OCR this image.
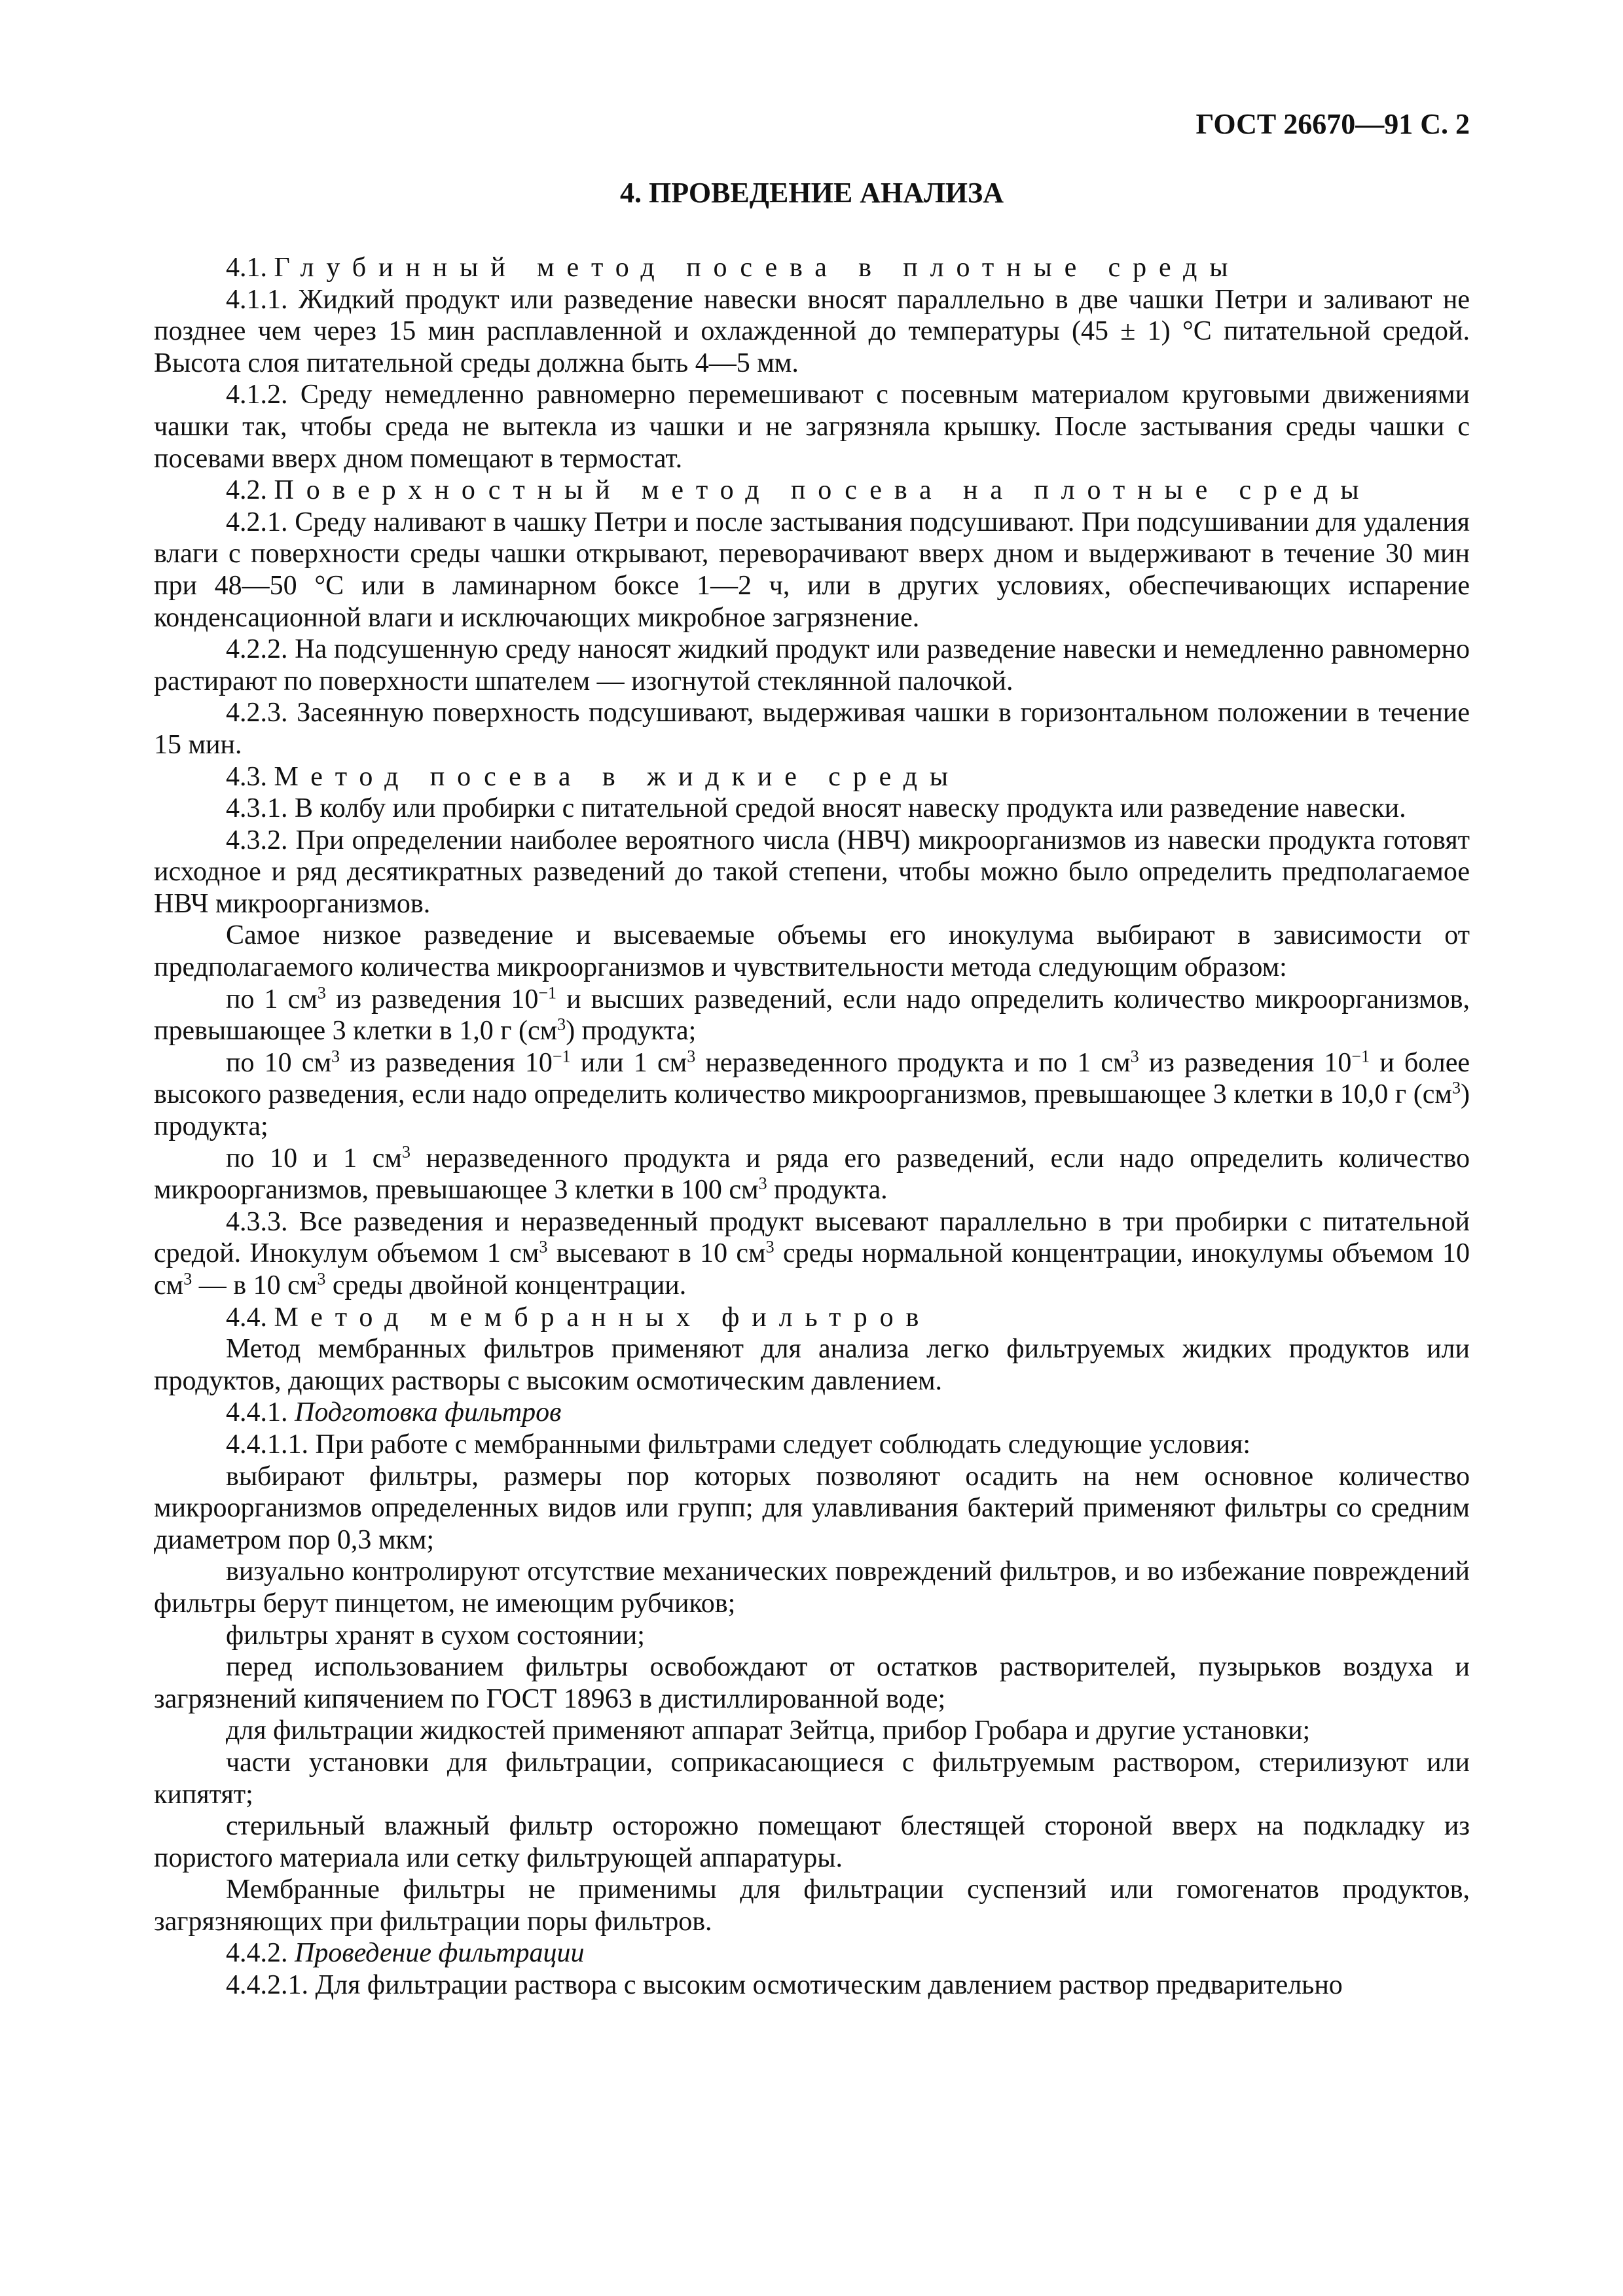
ГОСТ 26670—91 С. 2
4. ПРОВЕДЕНИЕ АНАЛИЗА

4.1. Глубинный метод посева в плотные среды

4.1.1. Жидкий продукт или разведение навески вносят параллельно в две чашки Петри и заливают не позднее чем через 15 мин расплавленной и охлажденной до температуры (45 ± 1) °С питательной средой. Высота слоя питательной среды должна быть 4—5 мм.

4.1.2. Среду немедленно равномерно перемешивают с посевным материалом круговыми движениями чашки так, чтобы среда не вытекла из чашки и не загрязняла крышку. После застывания среды чашки с посевами вверх дном помещают в термостат.

4.2. Поверхностный метод посева на плотные среды

4.2.1. Среду наливают в чашку Петри и после застывания подсушивают. При подсушивании для удаления влаги с поверхности среды чашки открывают, переворачивают вверх дном и выдерживают в течение 30 мин при 48—50 °С или в ламинарном боксе 1—2 ч, или в других условиях, обеспечивающих испарение конденсационной влаги и исключающих микробное загрязнение.

4.2.2. На подсушенную среду наносят жидкий продукт или разведение навески и немедленно равномерно растирают по поверхности шпателем — изогнутой стеклянной палочкой.

4.2.3. Засеянную поверхность подсушивают, выдерживая чашки в горизонтальном положении в течение 15 мин.

4.3. Метод посева в жидкие среды

4.3.1. В колбу или пробирки с питательной средой вносят навеску продукта или разведение навески.

4.3.2. При определении наиболее вероятного числа (НВЧ) микроорганизмов из навески продукта готовят исходное и ряд десятикратных разведений до такой степени, чтобы можно было определить предполагаемое НВЧ микроорганизмов.

Самое низкое разведение и высеваемые объемы его инокулума выбирают в зависимости от предполагаемого количества микроорганизмов и чувствительности метода следующим образом:

по 1 $см^3$ из разведения $10^{-1}$ и высших разведений, если надо определить количество микроорганизмов, превышающее 3 клетки в 1,0 г $(см^3)$ продукта;

по 10 $см^3$ из разведения $10^{-1}$ или 1 $см^3$ неразведенного продукта и по 1 $см^3$ из разведения $10^{-1}$ и более высокого разведения, если надо определить количество микроорганизмов, превышающее 3 клетки в 10,0 г $(см^3)$ продукта;

по 10 и 1 $см^3$ неразведенного продукта и ряда его разведений, если надо определить количество микроорганизмов, превышающее 3 клетки в 100 $см^3$ продукта.

4.3.3. Все разведения и неразведенный продукт высевают параллельно в три пробирки с питательной средой. Инокулум объемом 1 $см^3$ высевают в 10 $см^3$ среды нормальной концентрации, инокулумы объемом 10 $см^3$ — в 10 $см^3$ среды двойной концентрации.

4.4. Метод мембранных фильтров

Метод мембранных фильтров применяют для анализа легко фильтруемых жидких продуктов или продуктов, дающих растворы с высоким осмотическим давлением.

4.4.1. Подготовка фильтров

4.4.1.1. При работе с мембранными фильтрами следует соблюдать следующие условия:

выбирают фильтры, размеры пор которых позволяют осадить на нем основное количество микроорганизмов определенных видов или групп; для улавливания бактерий применяют фильтры со средним диаметром пор 0,3 мкм;

визуально контролируют отсутствие механических повреждений фильтров, и во избежание повреждений фильтры берут пинцетом, не имеющим рубчиков;

фильтры хранят в сухом состоянии;

перед использованием фильтры освобождают от остатков растворителей, пузырьков воздуха и загрязнений кипячением по ГОСТ 18963 в дистиллированной воде;

для фильтрации жидкостей применяют аппарат Зейтца, прибор Гробара и другие установки;

части установки для фильтрации, соприкасающиеся с фильтруемым раствором, стерилизуют или кипятят;

стерильный влажный фильтр осторожно помещают блестящей стороной вверх на подкладку из пористого материала или сетку фильтрующей аппаратуры.

Мембранные фильтры не применимы для фильтрации суспензий или гомогенатов продуктов, загрязняющих при фильтрации поры фильтров.

4.4.2. Проведение фильтрации

4.4.2.1. Для фильтрации раствора с высоким осмотическим давлением раствор предварительно
